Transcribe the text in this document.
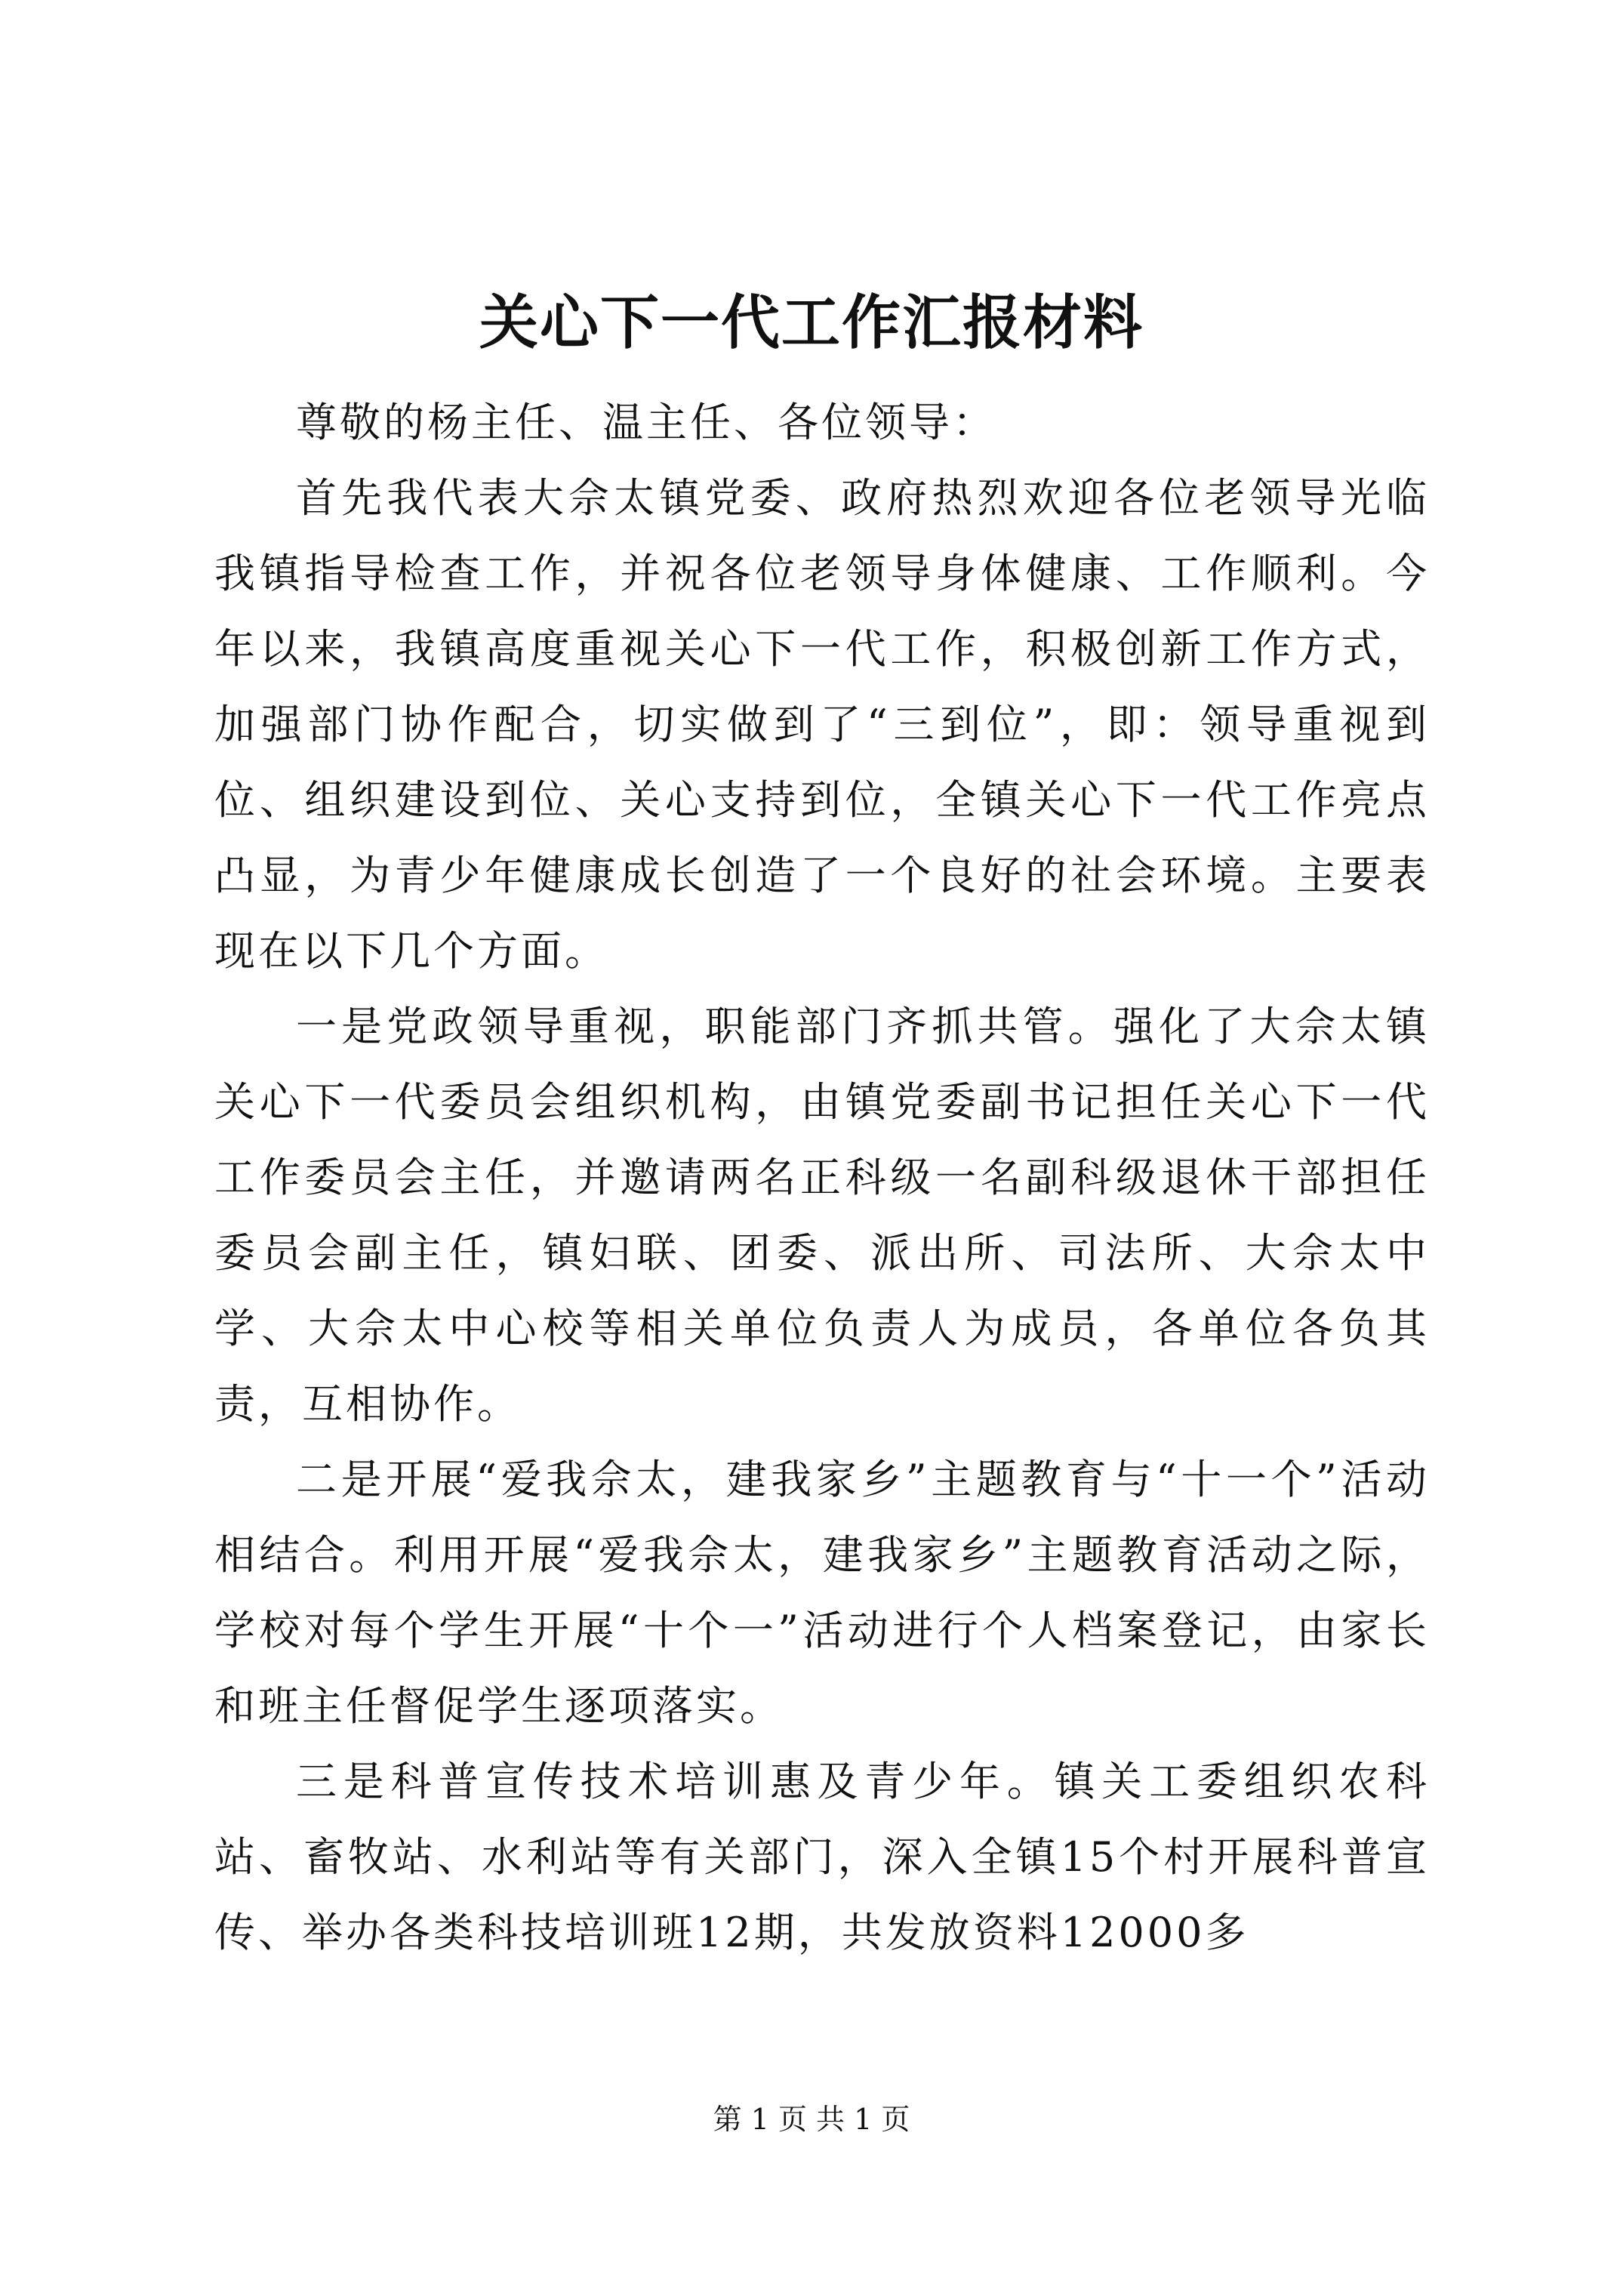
关心下一代工作汇报材料

尊敬的杨主任、温主任、各位领导：

首先我代表大佘太镇党委、政府热烈欢迎各位老领导光临我镇指导检查工作，并祝各位老领导身体健康、工作顺利。今年以来，我镇高度重视关心下一代工作，积极创新工作方式，加强部门协作配合，切实做到了“三到位”，即：领导重视到位、组织建设到位、关心支持到位，全镇关心下一代工作亮点凸显，为青少年健康成长创造了一个良好的社会环境。主要表现在以下几个方面。

一是党政领导重视，职能部门齐抓共管。强化了大佘太镇关心下一代委员会组织机构，由镇党委副书记担任关心下一代工作委员会主任，并邀请两名正科级一名副科级退休干部担任委员会副主任，镇妇联、团委、派出所、司法所、大佘太中学、大佘太中心校等相关单位负责人为成员，各单位各负其责，互相协作。

二是开展“爱我佘太，建我家乡”主题教育与“十一个”活动相结合。利用开展“爱我佘太，建我家乡”主题教育活动之际，学校对每个学生开展“十个一”活动进行个人档案登记，由家长和班主任督促学生逐项落实。

三是科普宣传技术培训惠及青少年。镇关工委组织农科站、畜牧站、水利站等有关部门，深入全镇15个村开展科普宣传、举办各类科技培训班12期，共发放资料12000多

第 1 页 共 1 页
